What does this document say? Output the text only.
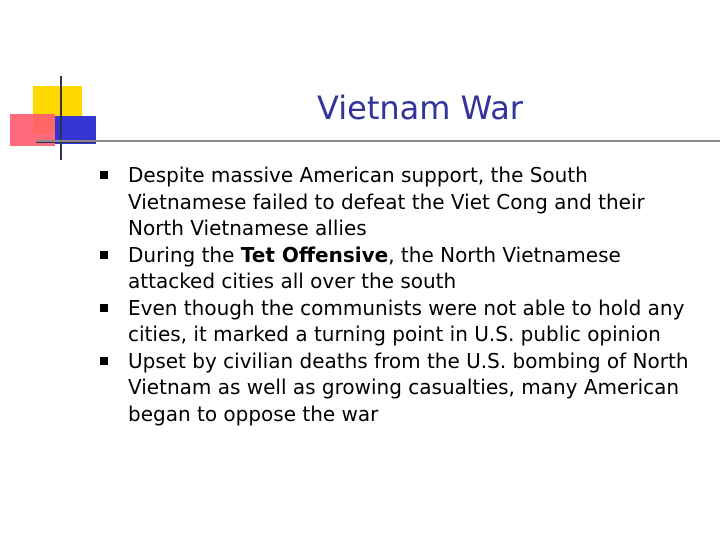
Vietnam War
Despite massive American support, the South Vietnamese failed to defeat the Viet Cong and their North Vietnamese allies
During the Tet Offensive, the North Vietnamese attacked cities all over the south
Even though the communists were not able to hold any cities, it marked a turning point in U.S. public opinion
Upset by civilian deaths from the U.S. bombing of North Vietnam as well as growing casualties, many American began to oppose the war
